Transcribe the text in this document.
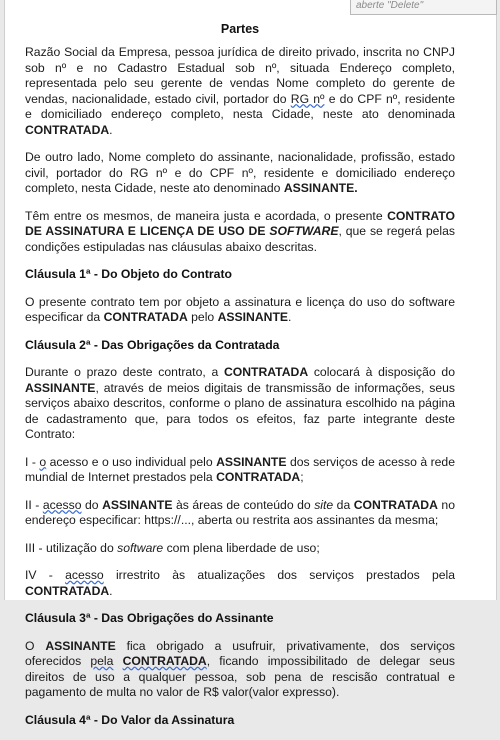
aberte "Delete"
Partes

Razão Social da Empresa, pessoa jurídica de direito privado, inscrita no CNPJ sob nº e no Cadastro Estadual sob nº, situada Endereço completo, representada pelo seu gerente de vendas Nome completo do gerente de vendas, nacionalidade, estado civil, portador do RG nº e do CPF nº, residente e domiciliado endereço completo, nesta Cidade, neste ato denominada CONTRATADA.

De outro lado, Nome completo do assinante, nacionalidade, profissão, estado civil, portador do RG nº e do CPF nº, residente e domiciliado endereço completo, nesta Cidade, neste ato denominado ASSINANTE.

Têm entre os mesmos, de maneira justa e acordada, o presente CONTRATO DE ASSINATURA E LICENÇA DE USO DE SOFTWARE, que se regerá pelas condições estipuladas nas cláusulas abaixo descritas.

Cláusula 1ª - Do Objeto do Contrato

O presente contrato tem por objeto a assinatura e licença do uso do software especificar da CONTRATADA pelo ASSINANTE.

Cláusula 2ª - Das Obrigações da Contratada

Durante o prazo deste contrato, a CONTRATADA colocará à disposição do ASSINANTE, através de meios digitais de transmissão de informações, seus serviços abaixo descritos, conforme o plano de assinatura escolhido na página de cadastramento que, para todos os efeitos, faz parte integrante deste Contrato:

I - o acesso e o uso individual pelo ASSINANTE dos serviços de acesso à rede mundial de Internet prestados pela CONTRATADA;

II - acesso do ASSINANTE às áreas de conteúdo do site da CONTRATADA no endereço especificar: https://..., aberta ou restrita aos assinantes da mesma;

III - utilização do software com plena liberdade de uso;

IV - acesso irrestrito às atualizações dos serviços prestados pela CONTRATADA.

Cláusula 3ª - Das Obrigações do Assinante

O ASSINANTE fica obrigado a usufruir, privativamente, dos serviços oferecidos pela CONTRATADA, ficando impossibilitado de delegar seus direitos de uso a qualquer pessoa, sob pena de rescisão contratual e pagamento de multa no valor de R$ valor(valor expresso).

Cláusula 4ª - Do Valor da Assinatura
